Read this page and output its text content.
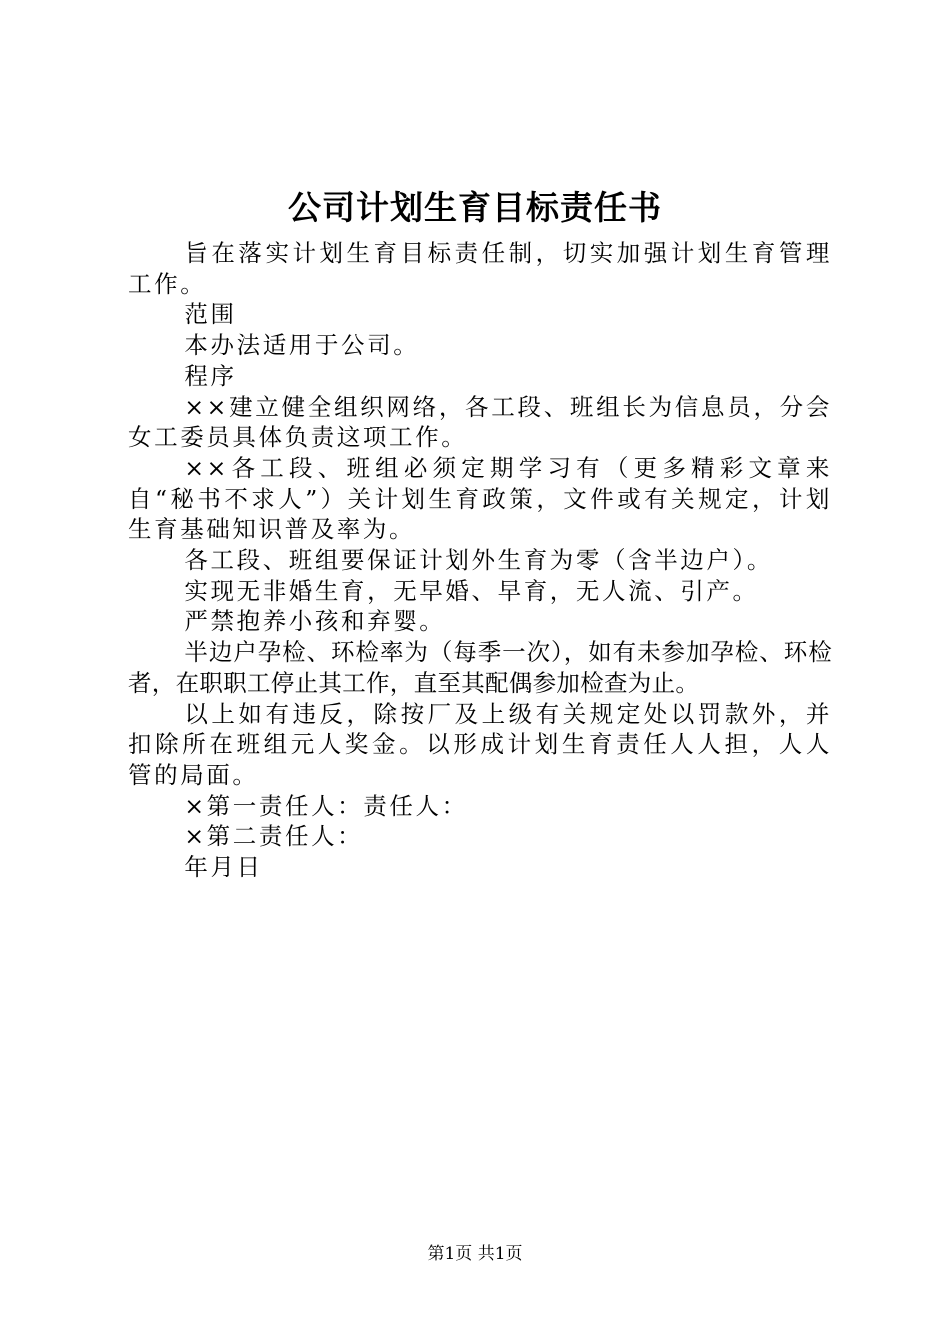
公司计划生育目标责任书

旨在落实计划生育目标责任制，切实加强计划生育管理工作。

范围

本办法适用于公司。

程序

××建立健全组织网络，各工段、班组长为信息员，分会女工委员具体负责这项工作。

××各工段、班组必须定期学习有（更多精彩文章来自“秘书不求人”）关计划生育政策，文件或有关规定，计划生育基础知识普及率为。

各工段、班组要保证计划外生育为零（含半边户）。

实现无非婚生育，无早婚、早育，无人流、引产。

严禁抱养小孩和弃婴。

半边户孕检、环检率为（每季一次），如有未参加孕检、环检者，在职职工停止其工作，直至其配偶参加检查为止。

以上如有违反，除按厂及上级有关规定处以罚款外，并扣除所在班组元人奖金。以形成计划生育责任人人担，人人管的局面。

×第一责任人：责任人：

×第二责任人：

年月日

第1页 共1页
